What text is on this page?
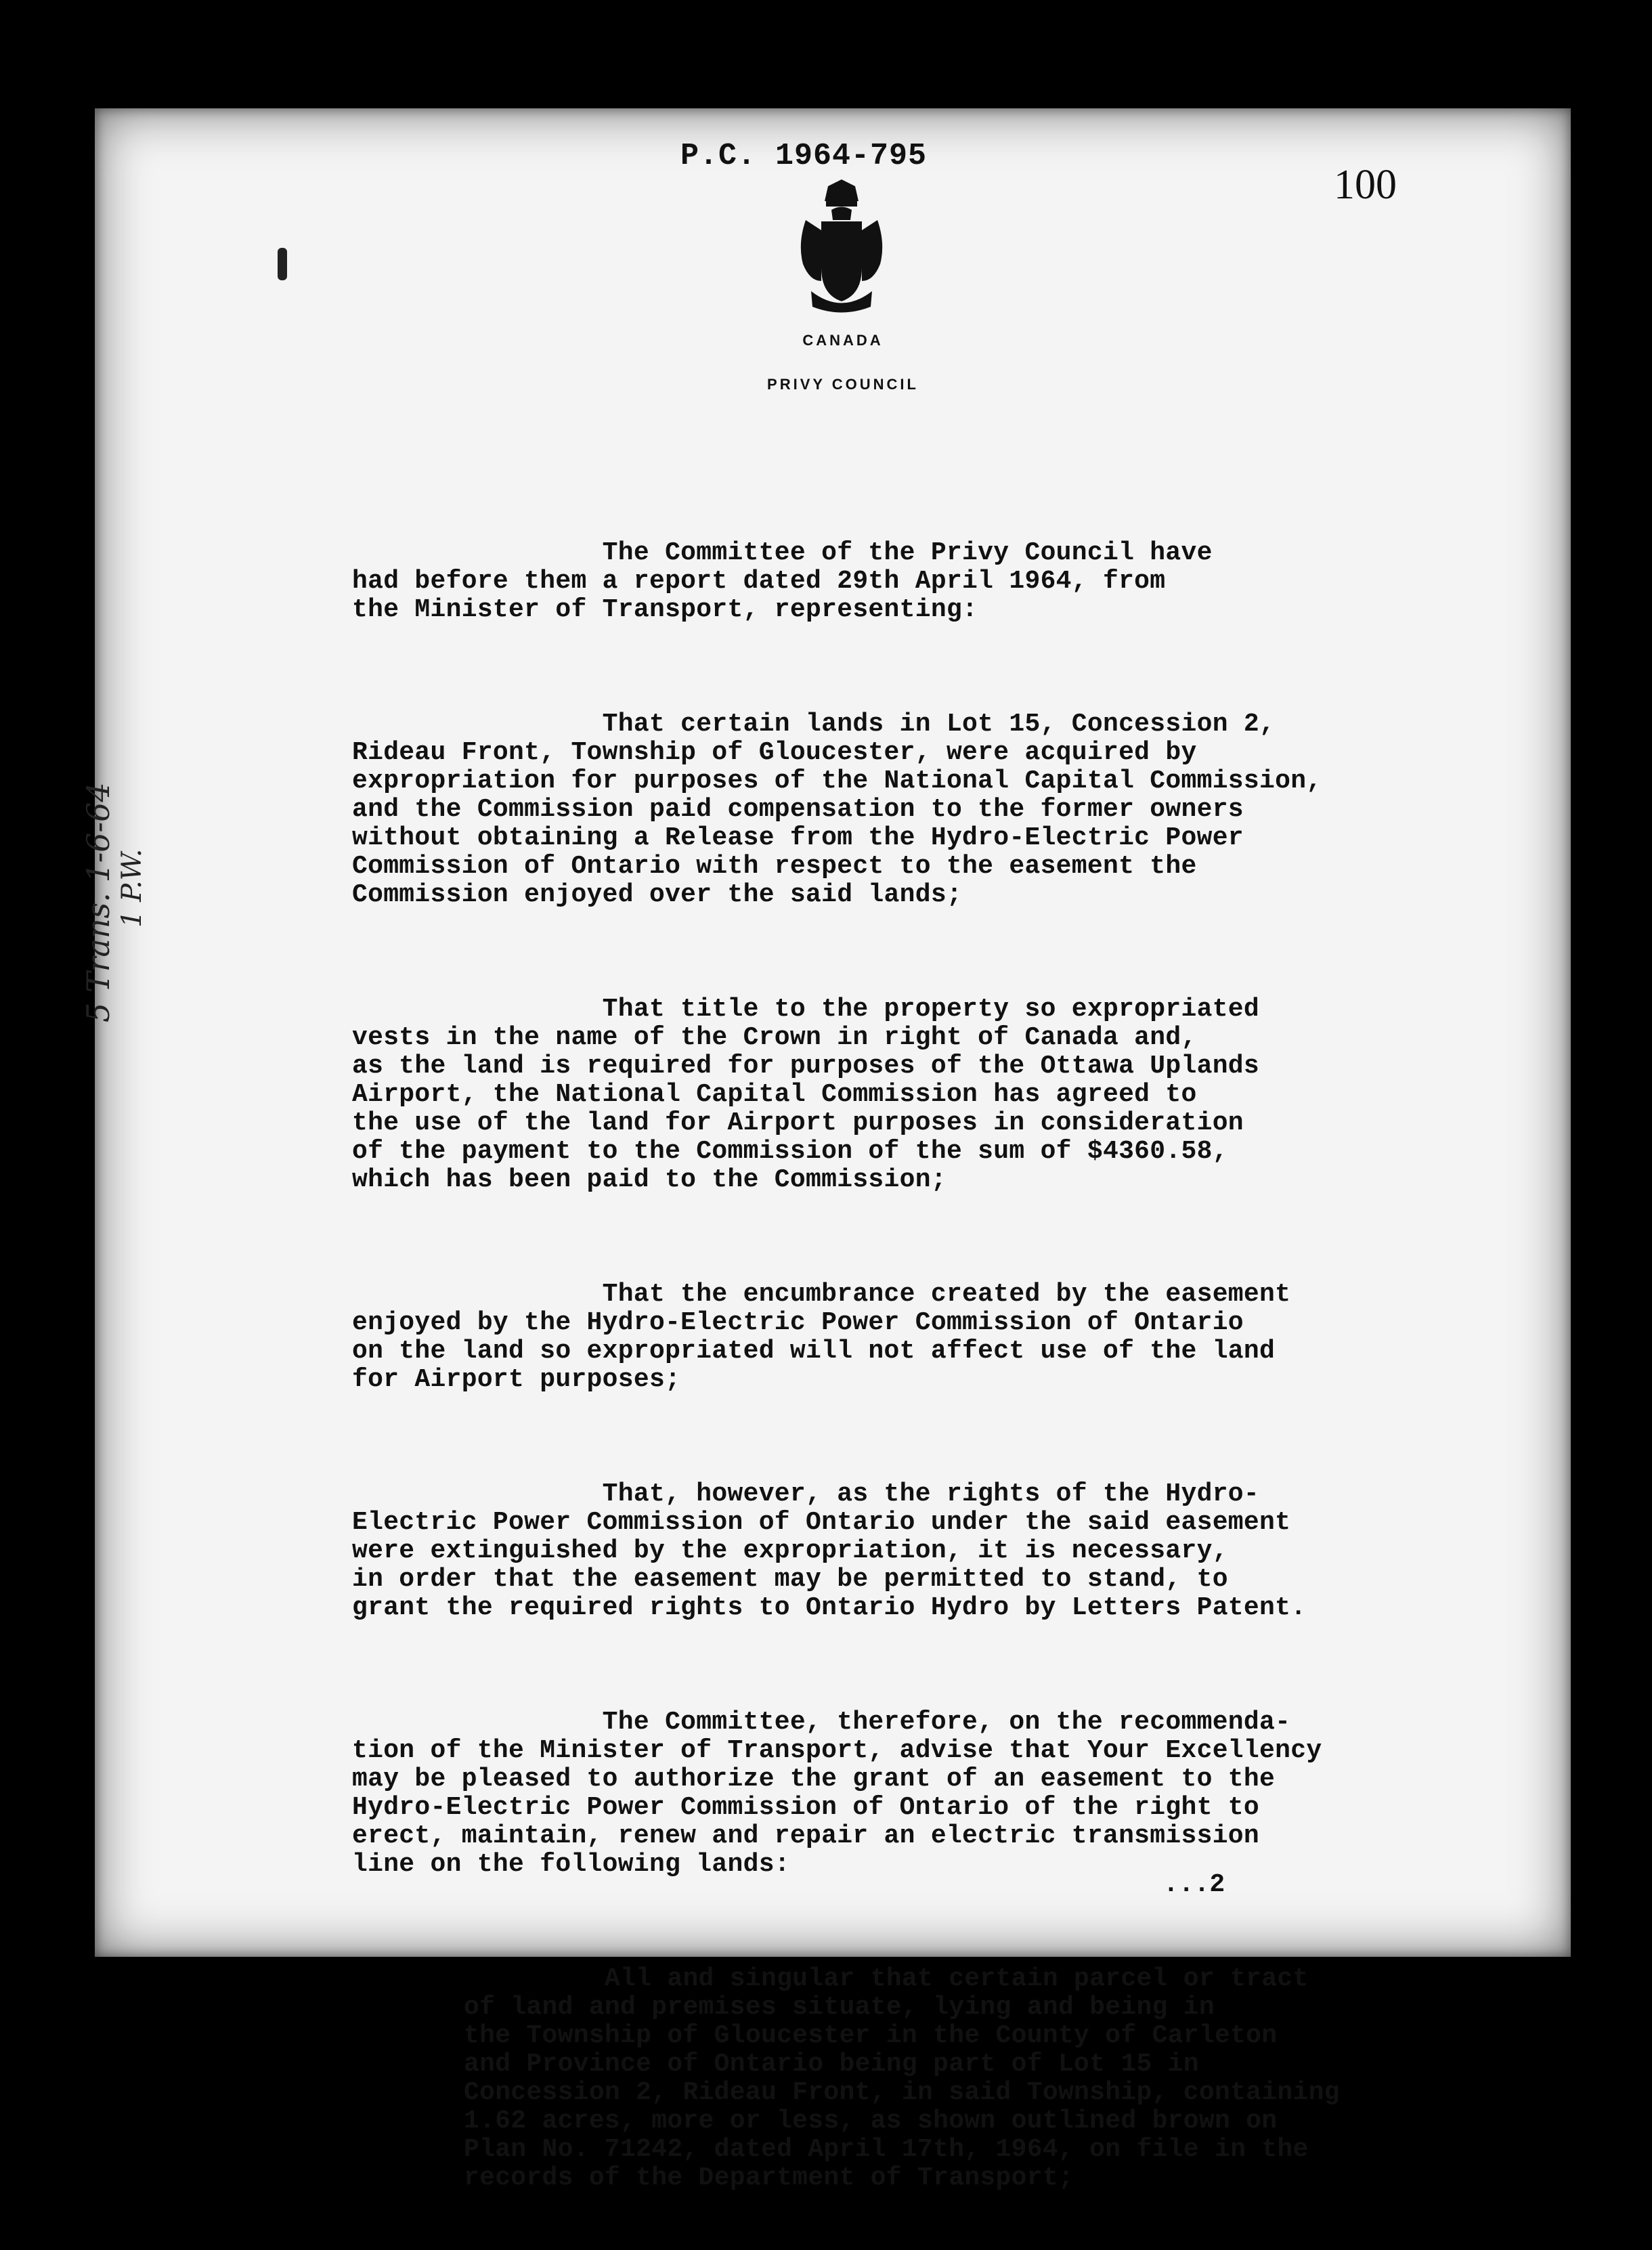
P.C. 1964-795
100
CANADA
PRIVY COUNCIL
5 Trans. 1-6-64 1 P.W.

The Committee of the Privy Council have
had before them a report dated 29th April 1964, from
the Minister of Transport, representing:

That certain lands in Lot 15, Concession 2,
Rideau Front, Township of Gloucester, were acquired by
expropriation for purposes of the National Capital Commission,
and the Commission paid compensation to the former owners
without obtaining a Release from the Hydro-Electric Power
Commission of Ontario with respect to the easement the
Commission enjoyed over the said lands;

That title to the property so expropriated
vests in the name of the Crown in right of Canada and,
as the land is required for purposes of the Ottawa Uplands
Airport, the National Capital Commission has agreed to
the use of the land for Airport purposes in consideration
of the payment to the Commission of the sum of $4360.58,
which has been paid to the Commission;

That the encumbrance created by the easement
enjoyed by the Hydro-Electric Power Commission of Ontario
on the land so expropriated will not affect use of the land
for Airport purposes;

That, however, as the rights of the Hydro-
Electric Power Commission of Ontario under the said easement
were extinguished by the expropriation, it is necessary,
in order that the easement may be permitted to stand, to
grant the required rights to Ontario Hydro by Letters Patent.

The Committee, therefore, on the recommenda-
tion of the Minister of Transport, advise that Your Excellency
may be pleased to authorize the grant of an easement to the
Hydro-Electric Power Commission of Ontario of the right to
erect, maintain, renew and repair an electric transmission
line on the following lands:

All and singular that certain parcel or tract
of land and premises situate, lying and being in
the Township of Gloucester in the County of Carleton
and Province of Ontario being part of Lot 15 in
Concession 2, Rideau Front, in said Township, containing
1.62 acres, more or less, as shown outlined brown on
Plan No. 71242, dated April 17th, 1964, on file in the
records of the Department of Transport;

...2
